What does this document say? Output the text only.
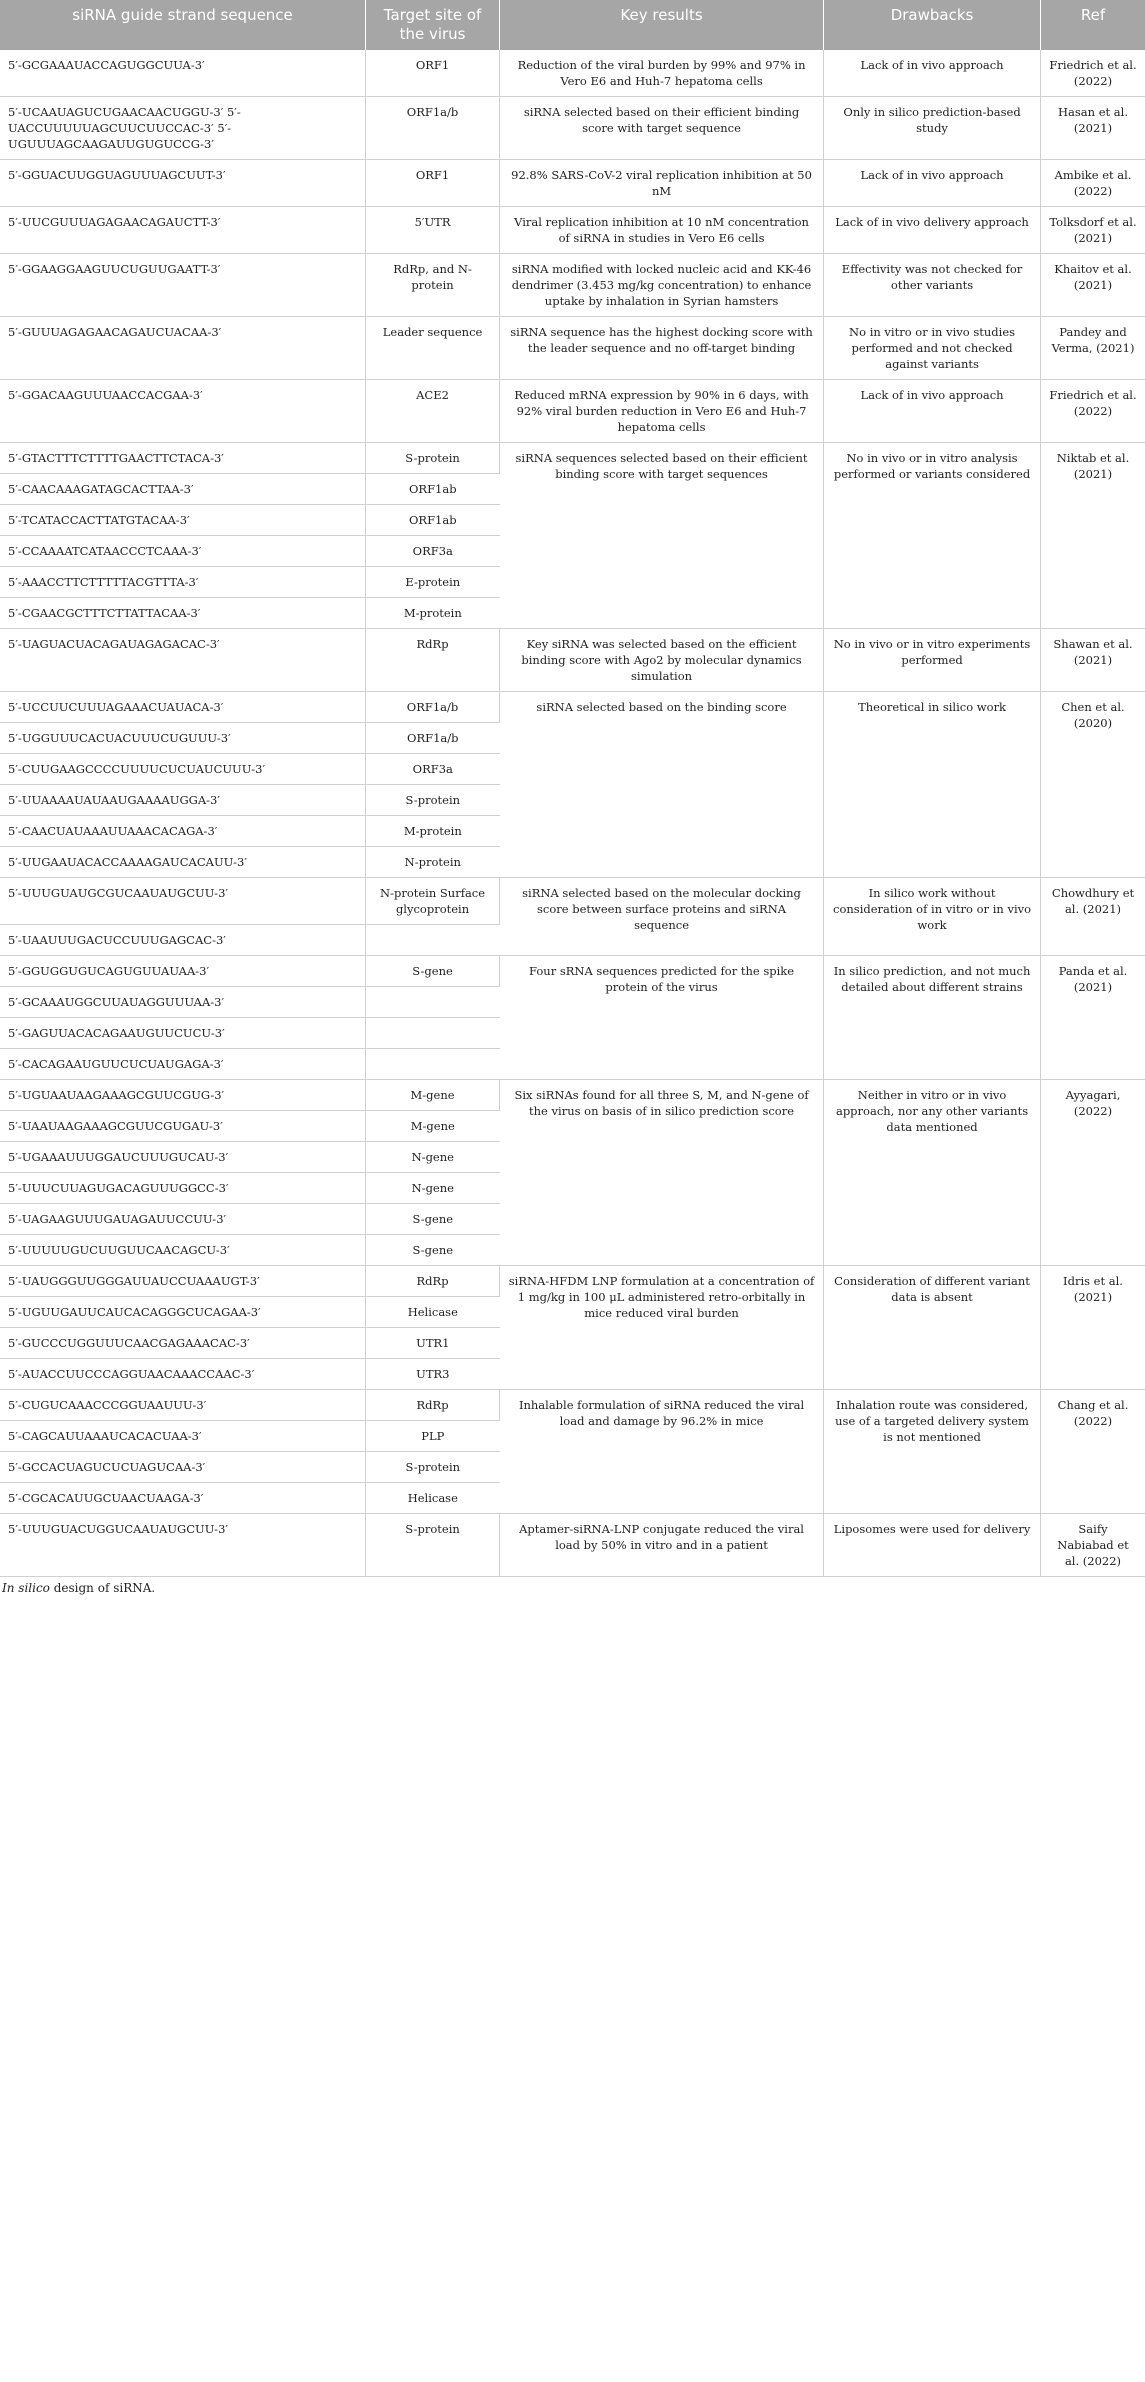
siRNA guide strand sequence	Target site of the virus	Key results	Drawbacks	Ref
5′-GCGAAAUACCAGUGGCUUA-3′	ORF1	Reduction of the viral burden by 99% and 97% in Vero E6 and Huh-7 hepatoma cells	Lack of in vivo approach	Friedrich et al. (2022)
5′-UCAAUAGUCUGAACAACUGGU-3′ 5′-UACCUUUUUAGCUUCUUCCAC-3′ 5′-UGUUUAGCAAGAUUGUGUCCG-3′	ORF1a/b	siRNA selected based on their efficient binding score with target sequence	Only in silico prediction-based study	Hasan et al. (2021)
5′-GGUACUUGGUAGUUUAGCUUT-3′	ORF1	92.8% SARS-CoV-2 viral replication inhibition at 50 nM	Lack of in vivo approach	Ambike et al. (2022)
5′-UUCGUUUAGAGAACAGAUCTT-3′	5′UTR	Viral replication inhibition at 10 nM concentration of siRNA in studies in Vero E6 cells	Lack of in vivo delivery approach	Tolksdorf et al. (2021)
5′-GGAAGGAAGUUCUGUUGAATT-3′	RdRp, and N-protein	siRNA modified with locked nucleic acid and KK-46 dendrimer (3.453 mg/kg concentration) to enhance uptake by inhalation in Syrian hamsters	Effectivity was not checked for other variants	Khaitov et al. (2021)
5′-GUUUAGAGAACAGAUCUACAA-3′	Leader sequence	siRNA sequence has the highest docking score with the leader sequence and no off-target binding	No in vitro or in vivo studies performed and not checked against variants	Pandey and Verma, (2021)
5′-GGACAAGUUUAACCACGAA-3′	ACE2	Reduced mRNA expression by 90% in 6 days, with 92% viral burden reduction in Vero E6 and Huh-7 hepatoma cells	Lack of in vivo approach	Friedrich et al. (2022)
5′-GTACTTTCTTTTGAACTTCTACA-3′	S-protein	siRNA sequences selected based on their efficient binding score with target sequences	No in vivo or in vitro analysis performed or variants considered	Niktab et al. (2021)
5′-CAACAAAGATAGCACTTAA-3′	ORF1ab			
5′-TCATACCACTTATGTACAA-3′	ORF1ab			
5′-CCAAAATCATAACCCTCAAA-3′	ORF3a			
5′-AAACCTTCTTTTTACGTTTA-3′	E-protein			
5′-CGAACGCTTTCTTATTACAA-3′	M-protein			
5′-UAGUACUACAGAUAGAGACAC-3′	RdRp	Key siRNA was selected based on the efficient binding score with Ago2 by molecular dynamics simulation	No in vivo or in vitro experiments performed	Shawan et al. (2021)
5′-UCCUUCUUUAGAAACUAUACA-3′	ORF1a/b	siRNA selected based on the binding score	Theoretical in silico work	Chen et al. (2020)
5′-UGGUUUCACUACUUUCUGUUU-3′	ORF1a/b			
5′-CUUGAAGCCCCUUUUCUCUAUCUUU-3′	ORF3a			
5′-UUAAAAUAUAAUGAAAAUGGA-3′	S-protein			
5′-CAACUAUAAAUUAAACACAGA-3′	M-protein			
5′-UUGAAUACACCAAAAGAUCACAUU-3′	N-protein			
5′-UUUGUAUGCGUCAAUAUGCUU-3′	N-protein Surface glycoprotein	siRNA selected based on the molecular docking score between surface proteins and siRNA sequence	In silico work without consideration of in vitro or in vivo work	Chowdhury et al. (2021)
5′-UAAUUUGACUCCUUUGAGCAC-3′				
5′-GGUGGUGUCAGUGUUAUAA-3′	S-gene	Four sRNA sequences predicted for the spike protein of the virus	In silico prediction, and not much detailed about different strains	Panda et al. (2021)
5′-GCAAAUGGCUUAUAGGUUUAA-3′				
5′-GAGUUACACAGAAUGUUCUCU-3′				
5′-CACAGAAUGUUCUCUAUGAGA-3′				
5′-UGUAAUAAGAAAGCGUUCGUG-3′	M-gene	Six siRNAs found for all three S, M, and N-gene of the virus on basis of in silico prediction score	Neither in vitro or in vivo approach, nor any other variants data mentioned	Ayyagari, (2022)
5′-UAAUAAGAAAGCGUUCGUGAU-3′	M-gene			
5′-UGAAAUUUGGAUCUUUGUCAU-3′	N-gene			
5′-UUUCUUAGUGACAGUUUGGCC-3′	N-gene			
5′-UAGAAGUUUGAUAGAUUCCUU-3′	S-gene			
5′-UUUUUGUCUUGUUCAACAGCU-3′	S-gene			
5′-UAUGGGUUGGGAUUAUCCUAAAUGT-3′	RdRp	siRNA-HFDM LNP formulation at a concentration of 1 mg/kg in 100 μL administered retro-orbitally in mice reduced viral burden	Consideration of different variant data is absent	Idris et al. (2021)
5′-UGUUGAUUCAUCACAGGGCUCAGAA-3′	Helicase			
5′-GUCCCUGGUUUCAACGAGAAACAC-3′	UTR1			
5′-AUACCUUCCCAGGUAACAAACCAAC-3′	UTR3			
5′-CUGUCAAACCCGGUAAUUU-3′	RdRp	Inhalable formulation of siRNA reduced the viral load and damage by 96.2% in mice	Inhalation route was considered, use of a targeted delivery system is not mentioned	Chang et al. (2022)
5′-CAGCAUUAAAUCACACUAA-3′	PLP			
5′-GCCACUAGUCUCUAGUCAA-3′	S-protein			
5′-CGCACAUUGCUAACUAAGA-3′	Helicase			
5′-UUUGUACUGGUCAAUAUGCUU-3′	S-protein	Aptamer-siRNA-LNP conjugate reduced the viral load by 50% in vitro and in a patient	Liposomes were used for delivery	Saify Nabiabad et al. (2022)
In silico design of siRNA.
